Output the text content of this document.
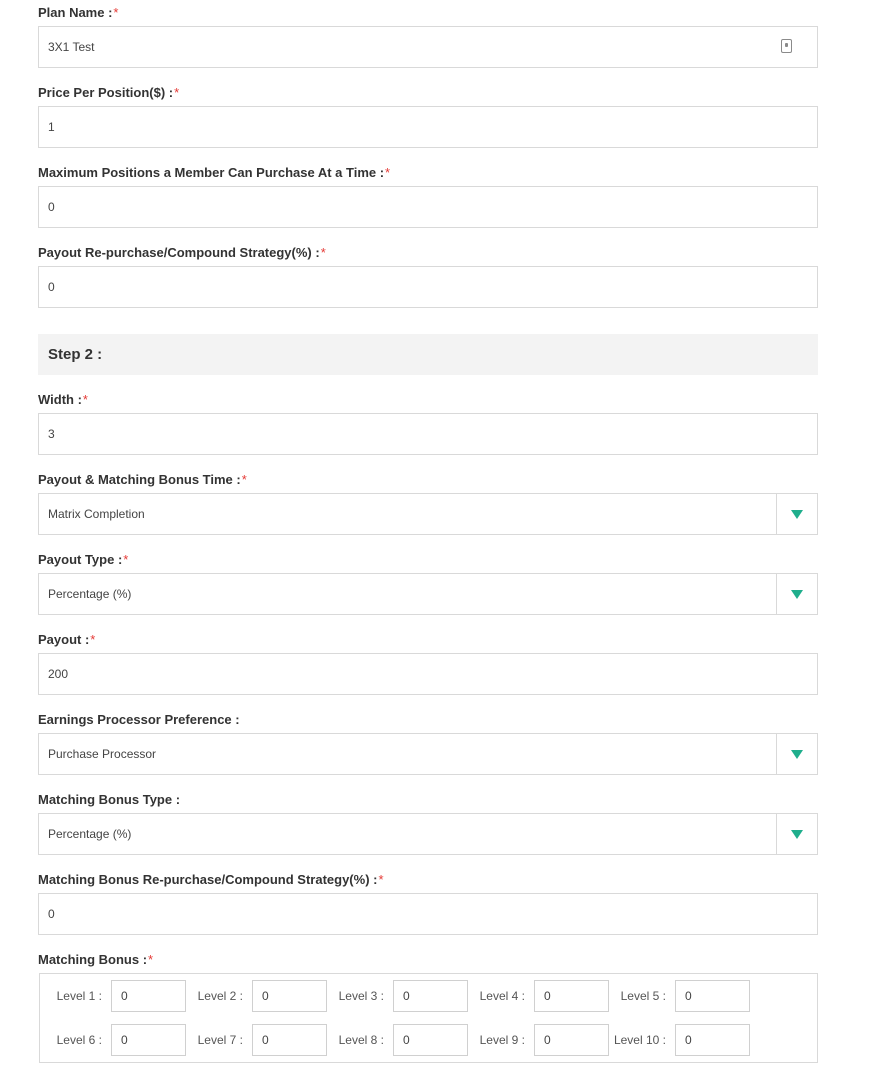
Plan Name :*
3X1 Test
Price Per Position($) :*
1
Maximum Positions a Member Can Purchase At a Time :*
0
Payout Re-purchase/Compound Strategy(%) :*
0
Step 2 :
Width :*
3
Payout & Matching Bonus Time :*
Matrix Completion
Payout Type :*
Percentage (%)
Payout :*
200
Earnings Processor Preference :
Purchase Processor
Matching Bonus Type :
Percentage (%)
Matching Bonus Re-purchase/Compound Strategy(%) :*
0
Matching Bonus :*
Level 1 :	0	Level 2 :	0	Level 3 :	0	Level 4 :	0	Level 5 :	0
Level 6 :	0	Level 7 :	0	Level 8 :	0	Level 9 :	0	Level 10 :	0
